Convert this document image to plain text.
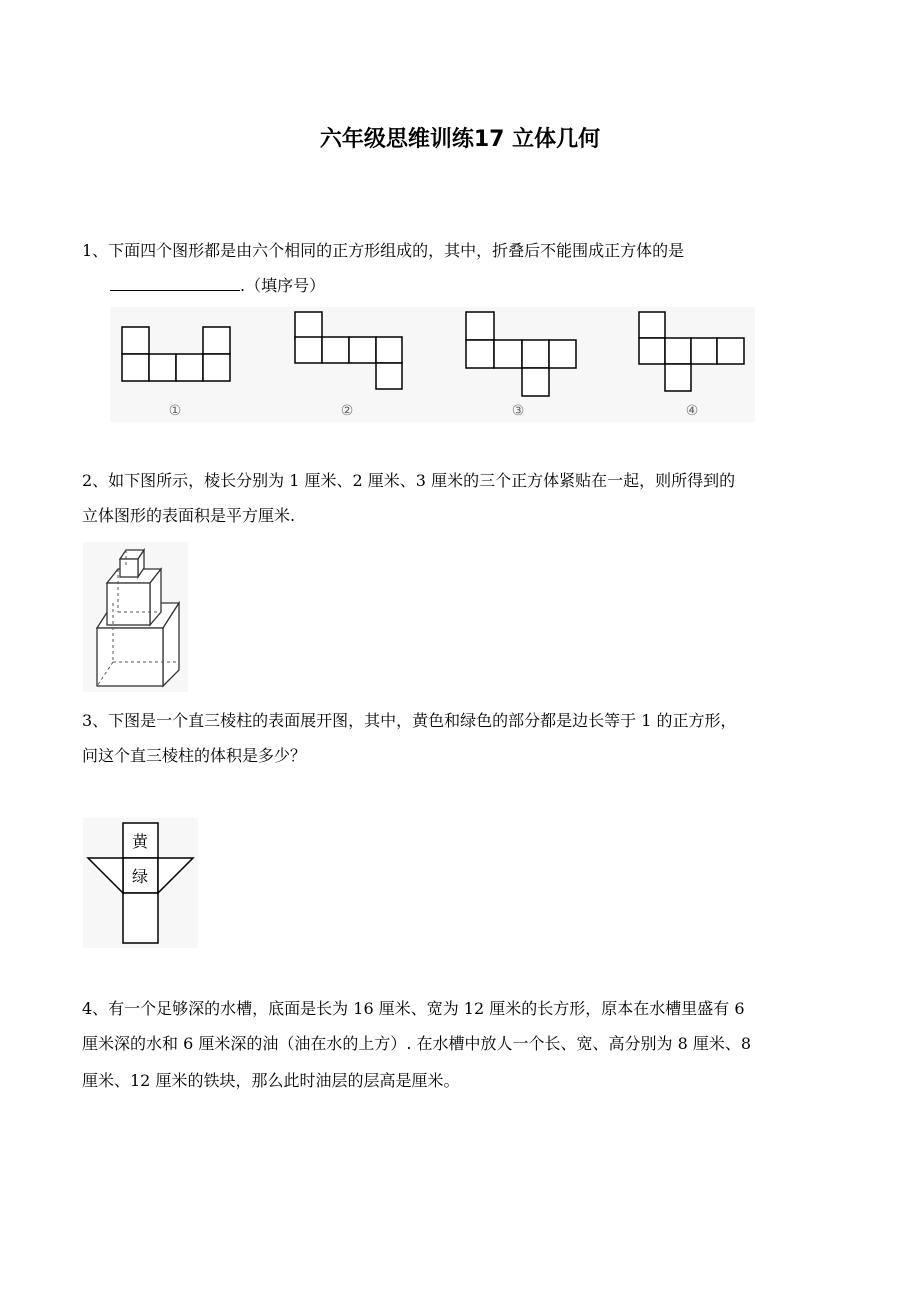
六年级思维训练17 立体几何
1、下面四个图形都是由六个相同的正方形组成的，其中，折叠后不能围成正方体的是
.（填序号）
①	②	③	④
2、如下图所示，棱长分别为 1 厘米、2 厘米、3 厘米的三个正方体紧贴在一起，则所得到的
立体图形的表面积是平方厘米.
3、下图是一个直三棱柱的表面展开图，其中，黄色和绿色的部分都是边长等于 1 的正方形，
问这个直三棱柱的体积是多少？
黄
绿
4、有一个足够深的水槽，底面是长为 16 厘米、宽为 12 厘米的长方形，原本在水槽里盛有 6
厘米深的水和 6 厘米深的油（油在水的上方）. 在水槽中放人一个长、宽、高分别为 8 厘米、8
厘米、12 厘米的铁块，那么此时油层的层高是厘米。
